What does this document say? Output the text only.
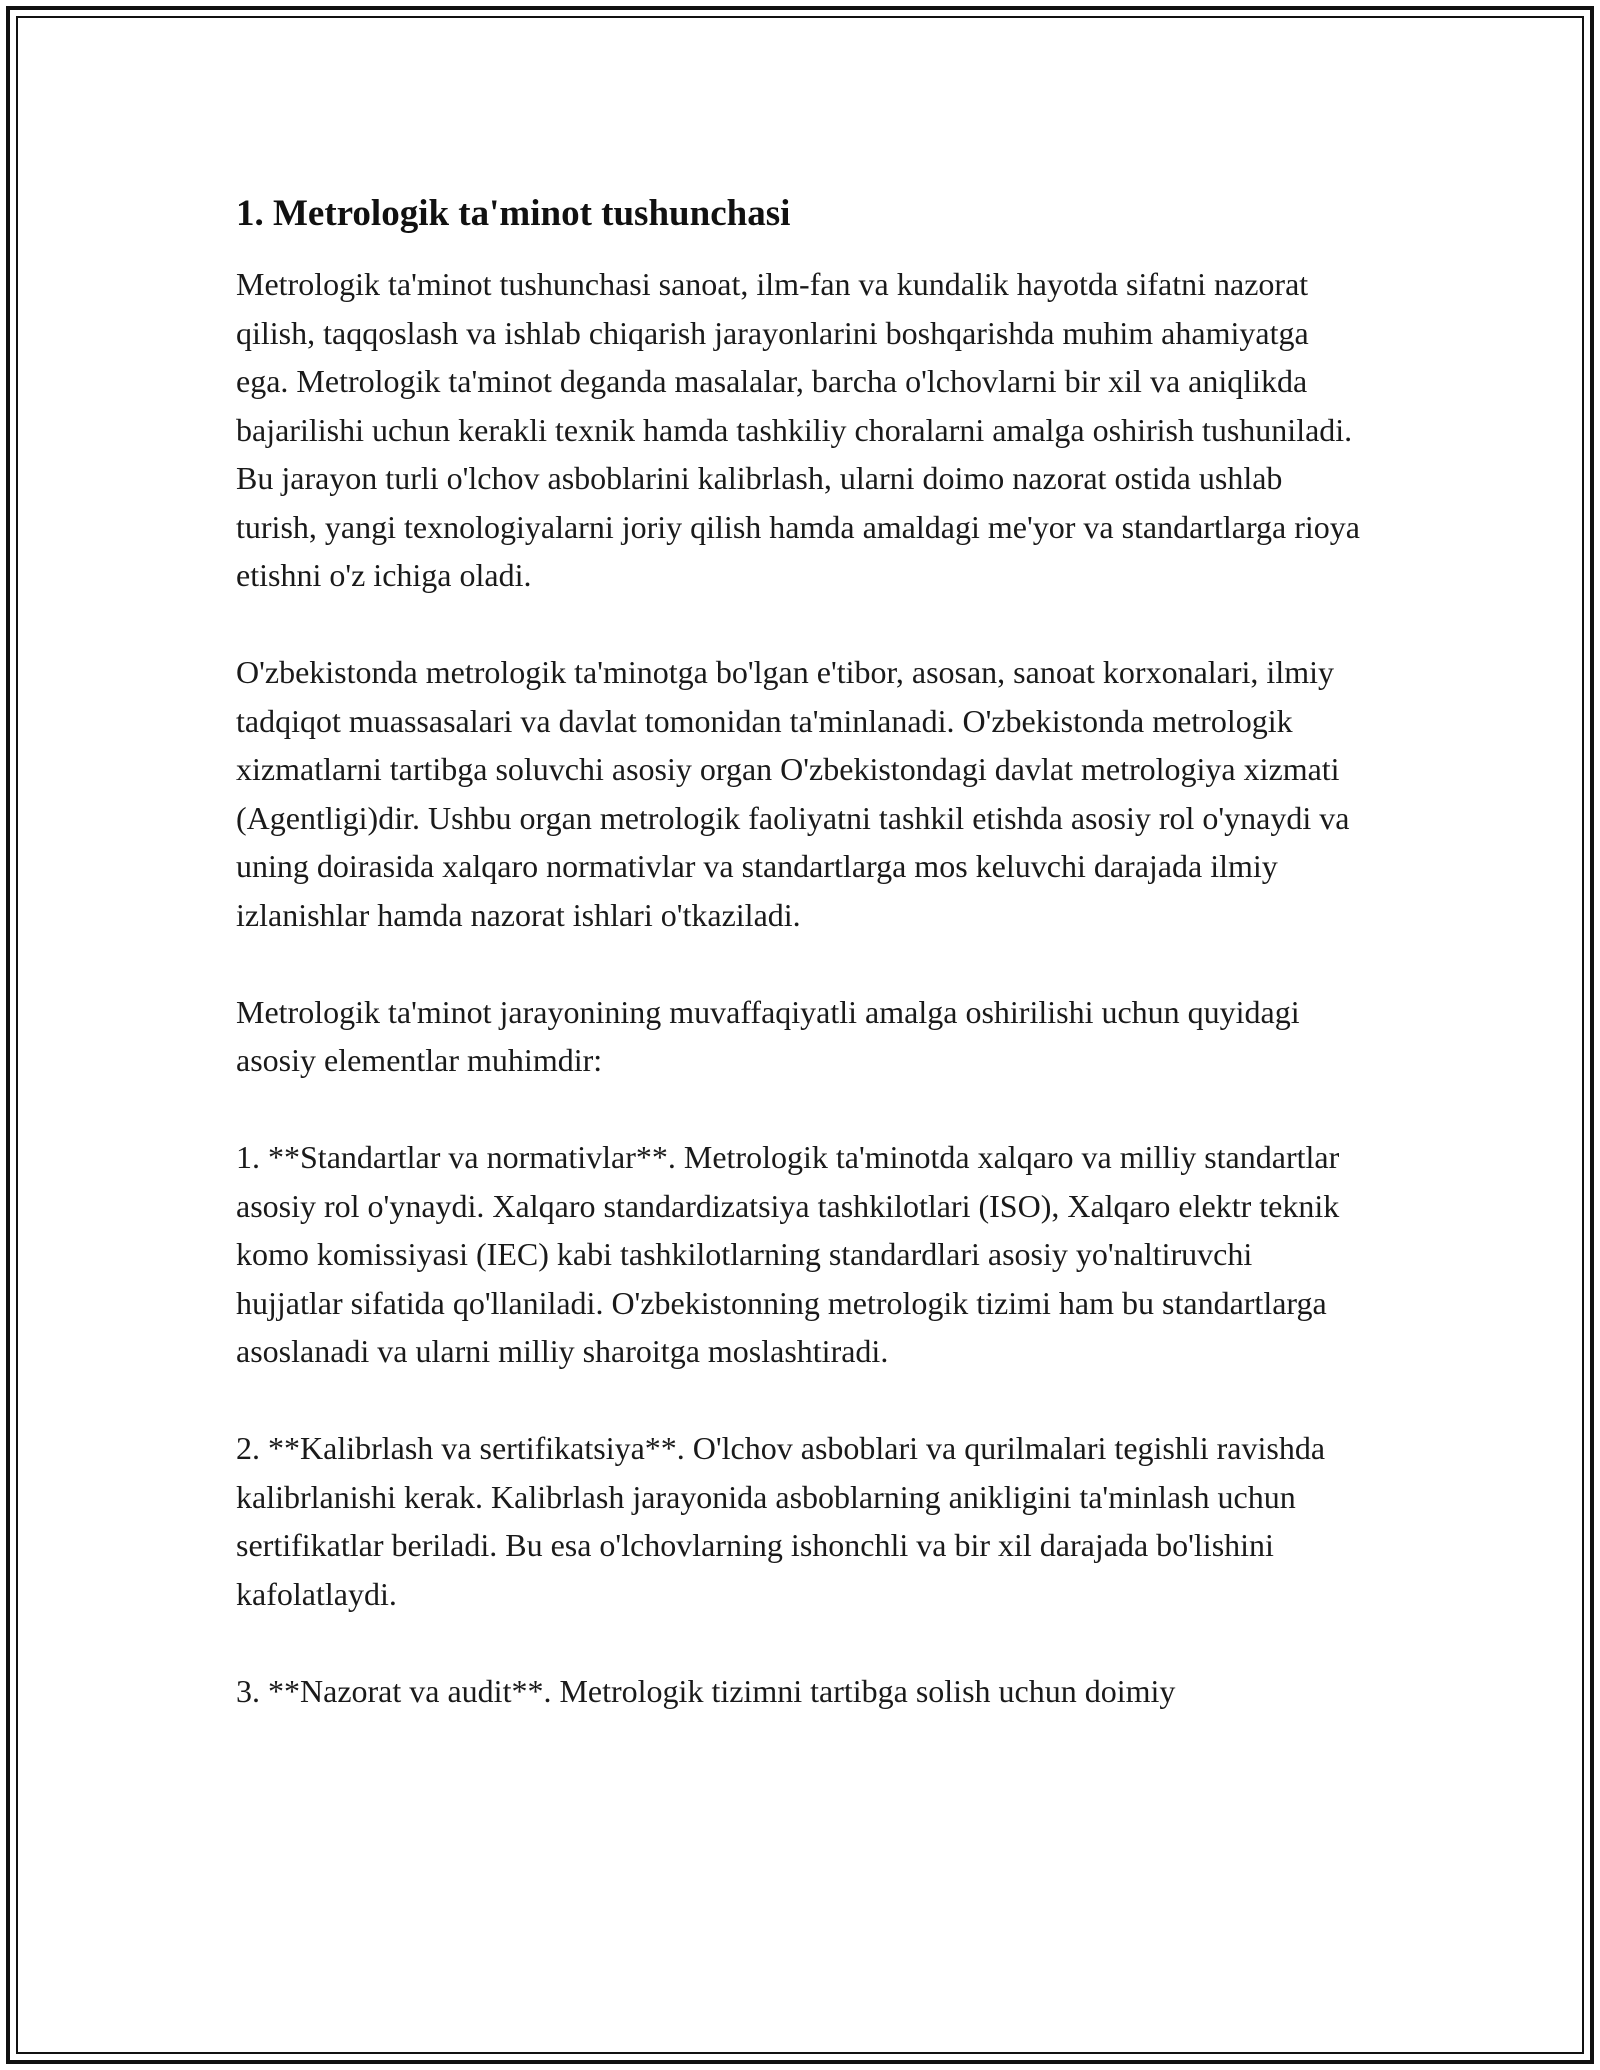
1. Metrologik ta'minot tushunchasi

Metrologik ta'minot tushunchasi sanoat, ilm-fan va kundalik hayotda sifatni nazorat qilish, taqqoslash va ishlab chiqarish jarayonlarini boshqarishda muhim ahamiyatga ega. Metrologik ta'minot deganda masalalar, barcha o'lchovlarni bir xil va aniqlikda bajarilishi uchun kerakli texnik hamda tashkiliy choralarni amalga oshirish tushuniladi. Bu jarayon turli o'lchov asboblarini kalibrlash, ularni doimo nazorat ostida ushlab turish, yangi texnologiyalarni joriy qilish hamda amaldagi me'yor va standartlarga rioya etishni o'z ichiga oladi.

O'zbekistonda metrologik ta'minotga bo'lgan e'tibor, asosan, sanoat korxonalari, ilmiy tadqiqot muassasalari va davlat tomonidan ta'minlanadi. O'zbekistonda metrologik xizmatlarni tartibga soluvchi asosiy organ O'zbekistondagi davlat metrologiya xizmati (Agentligi)dir. Ushbu organ metrologik faoliyatni tashkil etishda asosiy rol o'ynaydi va uning doirasida xalqaro normativlar va standartlarga mos keluvchi darajada ilmiy izlanishlar hamda nazorat ishlari o'tkaziladi.

Metrologik ta'minot jarayonining muvaffaqiyatli amalga oshirilishi uchun quyidagi asosiy elementlar muhimdir:

1. **Standartlar va normativlar**. Metrologik ta'minotda xalqaro va milliy standartlar asosiy rol o'ynaydi. Xalqaro standardizatsiya tashkilotlari (ISO), Xalqaro elektr teknik komo komissiyasi (IEC) kabi tashkilotlarning standardlari asosiy yo'naltiruvchi hujjatlar sifatida qo'llaniladi. O'zbekistonning metrologik tizimi ham bu standartlarga asoslanadi va ularni milliy sharoitga moslashtiradi.

2. **Kalibrlash va sertifikatsiya**. O'lchov asboblari va qurilmalari tegishli ravishda kalibrlanishi kerak. Kalibrlash jarayonida asboblarning anikligini ta'minlash uchun sertifikatlar beriladi. Bu esa o'lchovlarning ishonchli va bir xil darajada bo'lishini kafolatlaydi.

3. **Nazorat va audit**. Metrologik tizimni tartibga solish uchun doimiy
